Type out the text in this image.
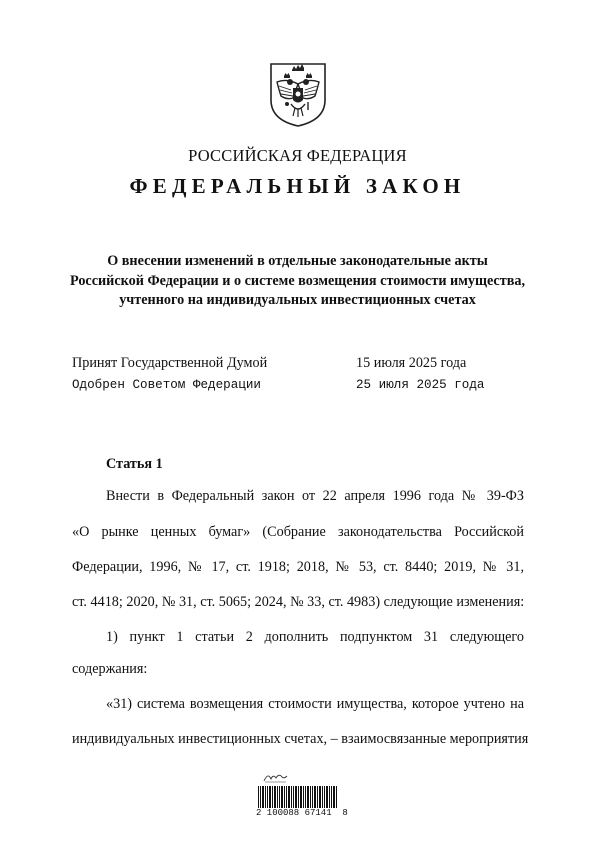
РОССИЙСКАЯ ФЕДЕРАЦИЯ
ФЕДЕРАЛЬНЫЙ ЗАКОН
О внесении изменений в отдельные законодательные акты
Российской Федерации и о системе возмещения стоимости имущества,
учтенного на индивидуальных инвестиционных счетах
Принят Государственной Думой	15 июля 2025 года
Одобрен Советом Федерации	25 июля 2025 года
Статья 1
Внести в Федеральный закон от 22 апреля 1996 года № 39-ФЗ
«О рынке ценных бумаг» (Собрание законодательства Российской
Федерации, 1996, № 17, ст. 1918; 2018, № 53, ст. 8440; 2019, № 31,
ст. 4418; 2020, № 31, ст. 5065; 2024, № 33, ст. 4983) следующие изменения:
1) пункт 1 статьи 2 дополнить подпунктом 31 следующего
содержания:
«31) система возмещения стоимости имущества, которое учтено на
индивидуальных инвестиционных счетах, – взаимосвязанные мероприятия
2 100088 67141  8
